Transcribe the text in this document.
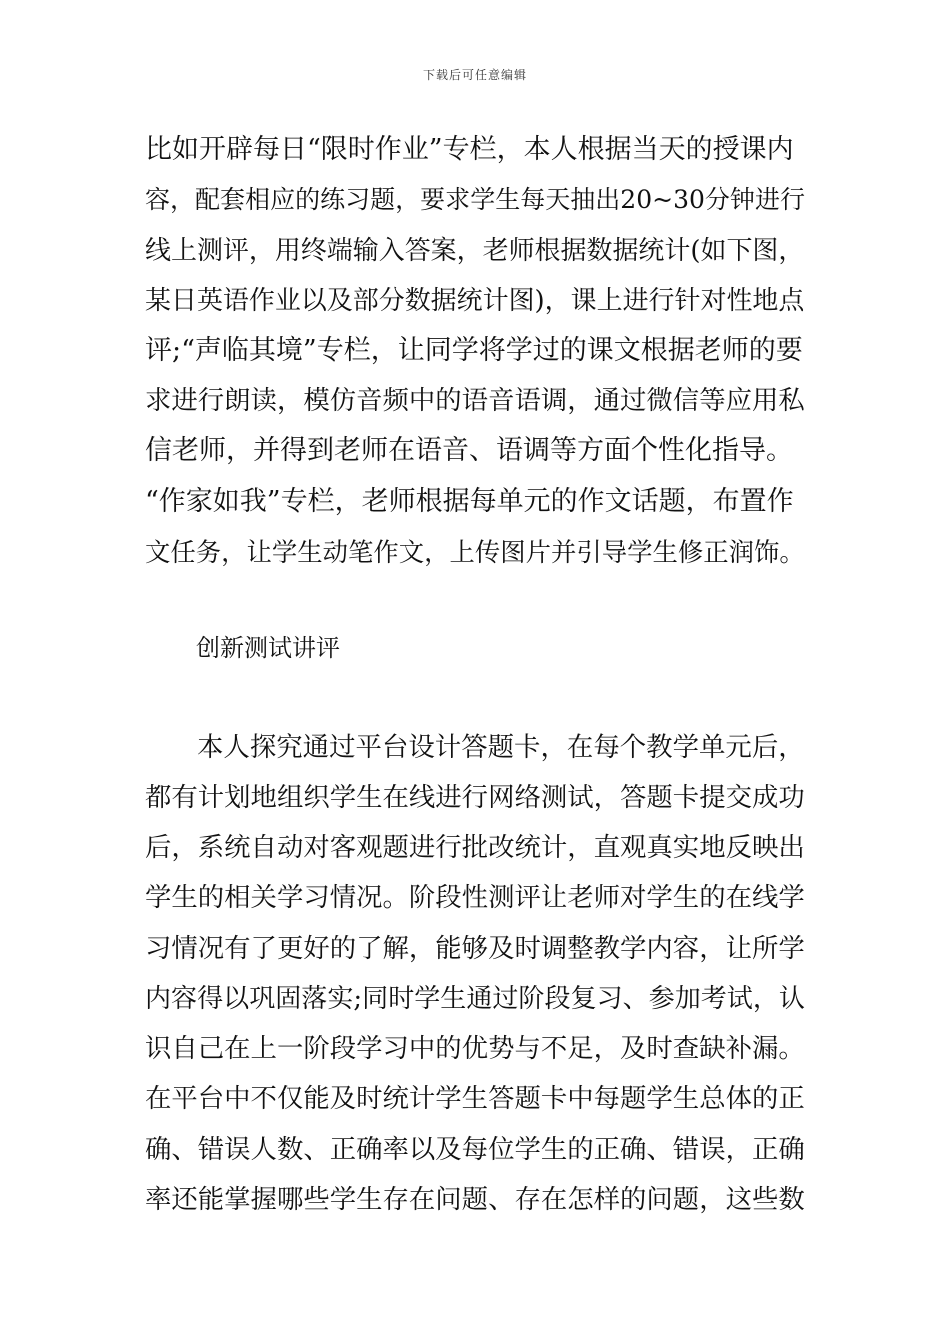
下载后可任意编辑
比如开辟每日“限时作业”专栏，本人根据当天的授课内
容，配套相应的练习题，要求学生每天抽出20~30分钟进行
线上测评，用终端输入答案，老师根据数据统计(如下图，
某日英语作业以及部分数据统计图)，课上进行针对性地点
评;“声临其境”专栏，让同学将学过的课文根据老师的要
求进行朗读，模仿音频中的语音语调，通过微信等应用私
信老师，并得到老师在语音、语调等方面个性化指导。
“作家如我”专栏，老师根据每单元的作文话题，布置作
文任务，让学生动笔作文，上传图片并引导学生修正润饰。
创新测试讲评
本人探究通过平台设计答题卡，在每个教学单元后，
都有计划地组织学生在线进行网络测试，答题卡提交成功
后，系统自动对客观题进行批改统计，直观真实地反映出
学生的相关学习情况。阶段性测评让老师对学生的在线学
习情况有了更好的了解，能够及时调整教学内容，让所学
内容得以巩固落实;同时学生通过阶段复习、参加考试，认
识自己在上一阶段学习中的优势与不足，及时查缺补漏。
在平台中不仅能及时统计学生答题卡中每题学生总体的正
确、错误人数、正确率以及每位学生的正确、错误，正确
率还能掌握哪些学生存在问题、存在怎样的问题，这些数
